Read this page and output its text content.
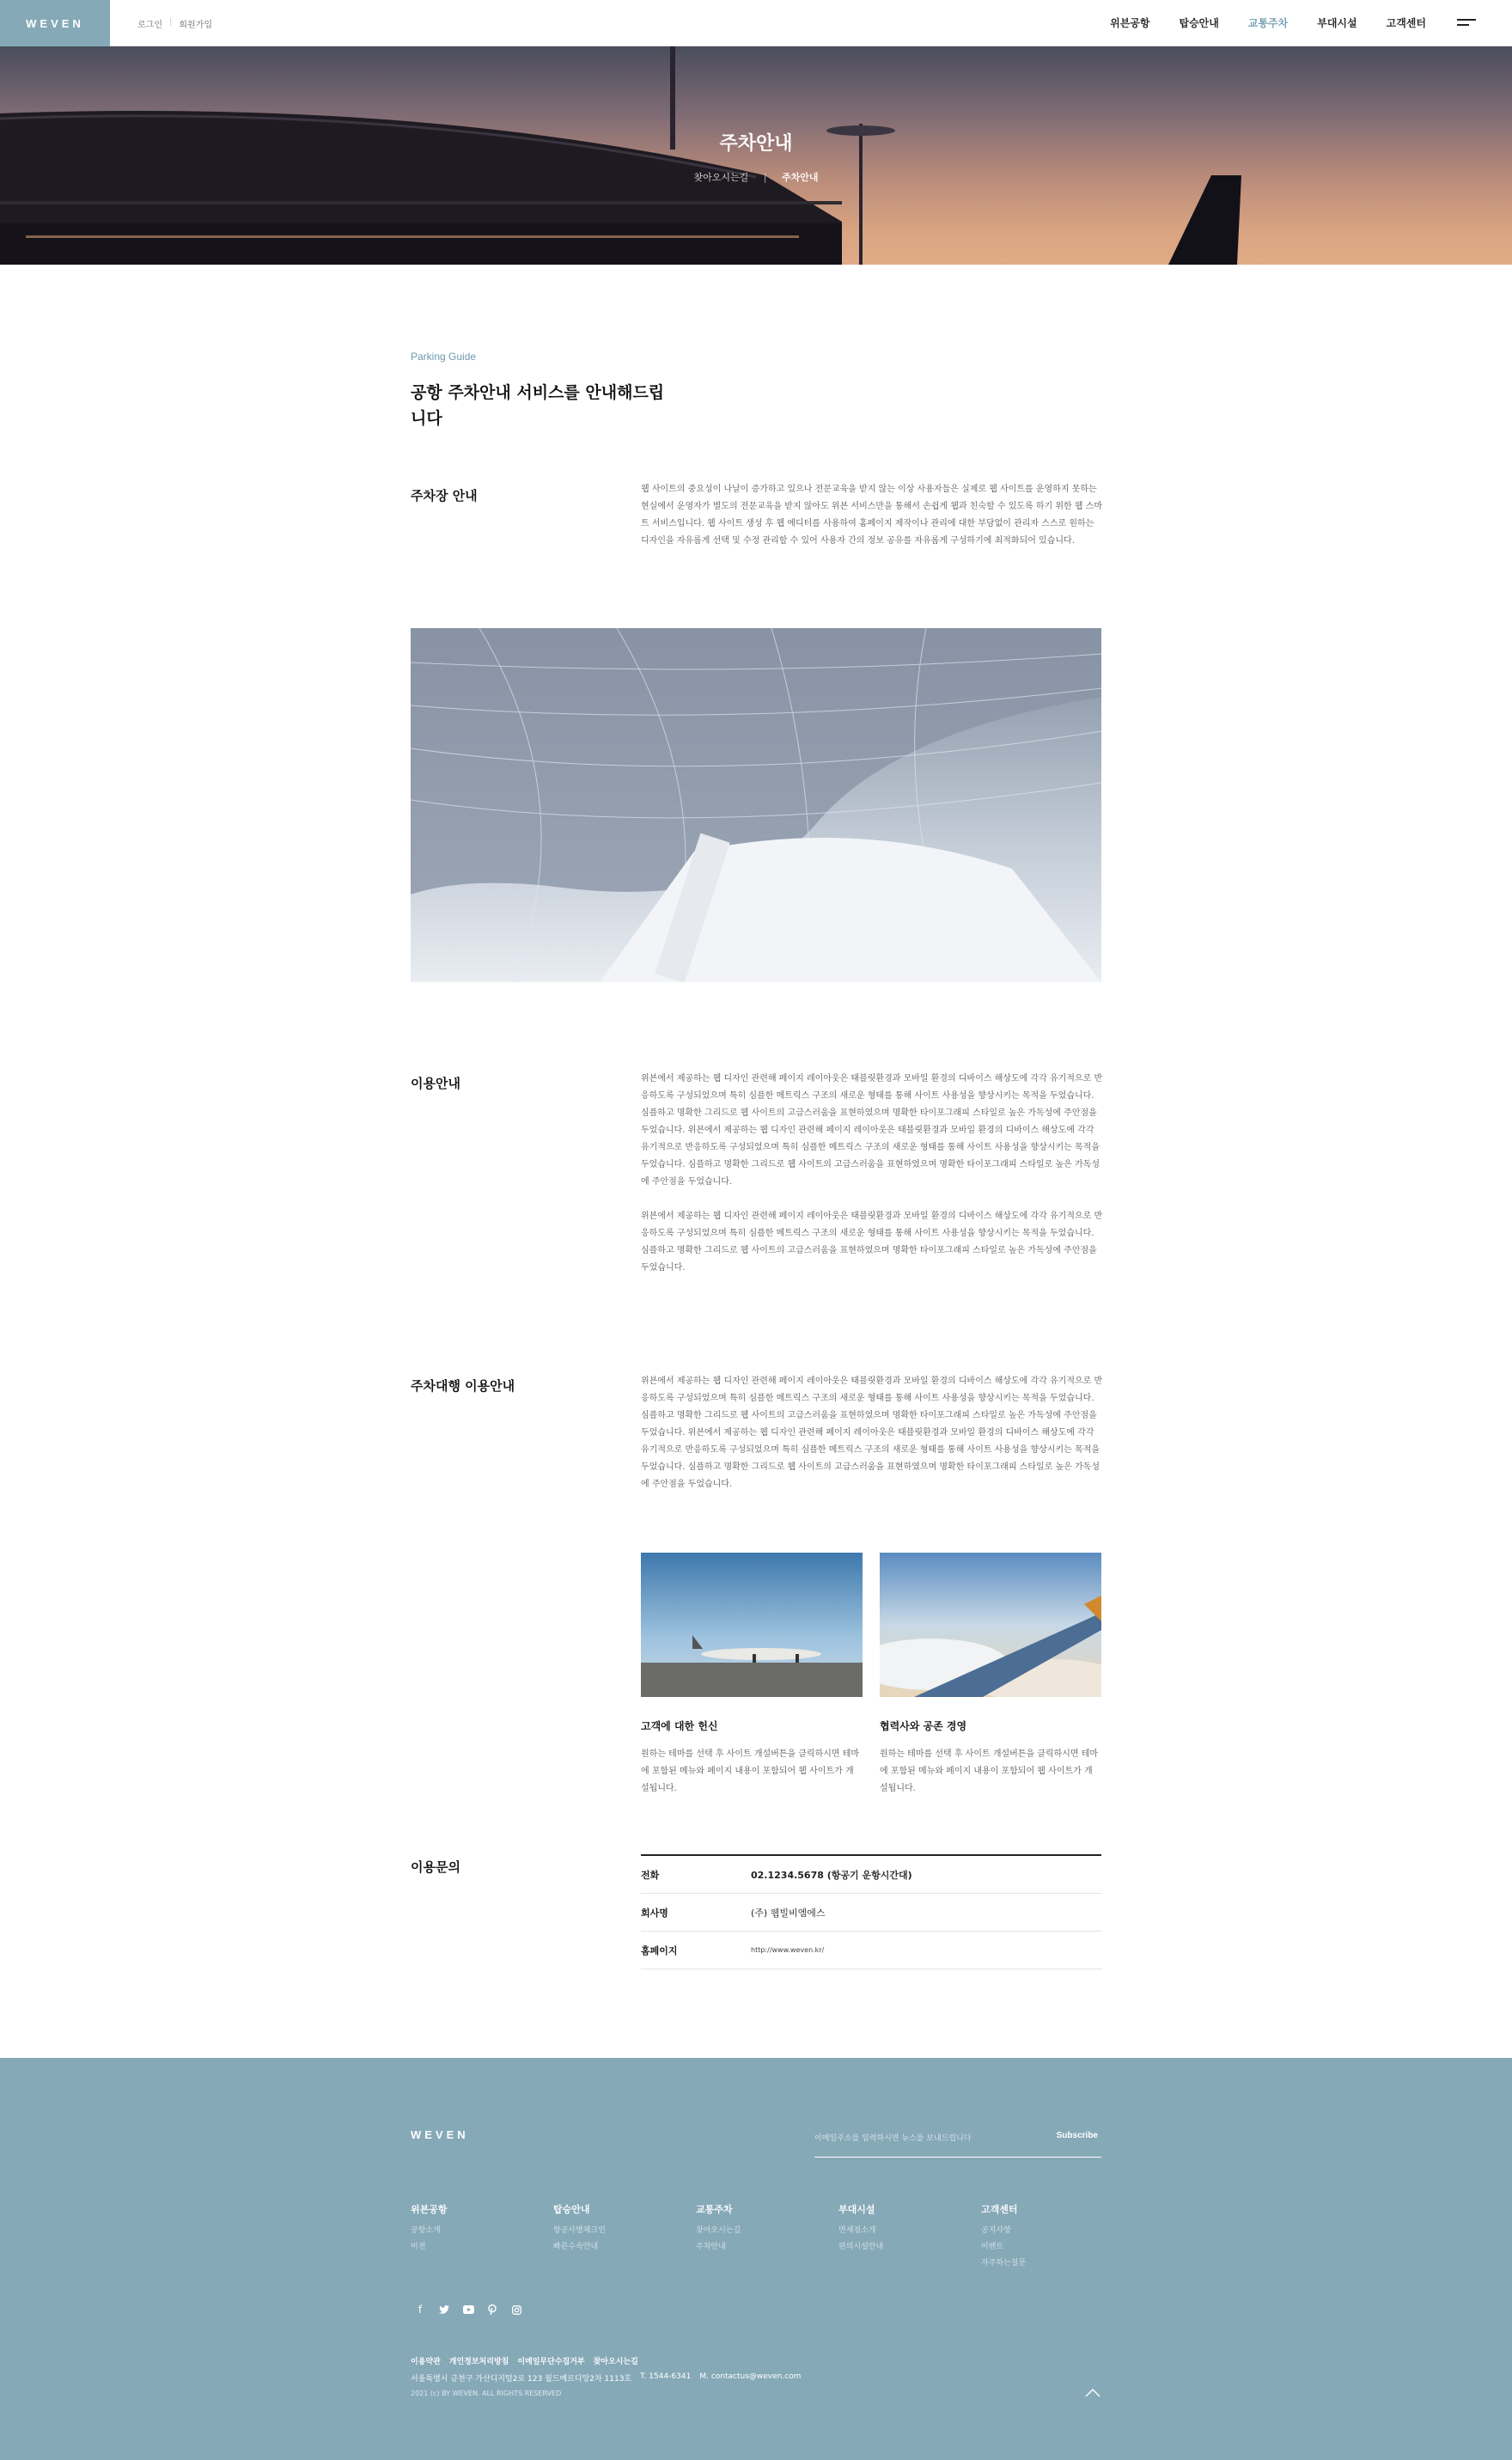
WEVEN	로그인 | 회원가입	위븐공항	탑승안내	교통주차	부대시설	고객센터
주차안내
찾아오시는길 | 주차안내
Parking Guide
공항 주차안내 서비스를 안내해드립니다
주차장 안내	웹 사이트의 중요성이 나날이 증가하고 있으나 전문교육을 받지 않는 이상 사용자들은 실제로 웹 사이트를 운영하지 못하는 현실에서 운영자가 별도의 전문교육을 받지 않아도 위븐 서비스만을 통해서 손쉽게 웹과 친숙할 수 있도록 하기 위한 웹 스마트 서비스입니다. 웹 사이트 생성 후 웹 에디터를 사용하여 홈페이지 제작이나 관리에 대한 부담없이 관리자 스스로 원하는 디자인을 자유롭게 선택 및 수정 관리할 수 있어 사용자 간의 정보 공유를 자유롭게 구성하기에 최적화되어 있습니다.
이용안내	위븐에서 제공하는 웹 디자인 관련해 페이지 레이아웃은 태블릿환경과 모바일 환경의 디바이스 해상도에 각각 유기적으로 반응하도록 구성되었으며 특히 심플한 메트릭스 구조의 새로운 형태를 통해 사이트 사용성을 향상시키는 목적을 두었습니다. 심플하고 명확한 그리드로 웹 사이트의 고급스러움을 표현하였으며 명확한 타이포그래피 스타일로 높은 가독성에 주안점을 두었습니다. 위븐에서 제공하는 웹 디자인 관련해 페이지 레이아웃은 태블릿환경과 모바일 환경의 디바이스 해상도에 각각 유기적으로 반응하도록 구성되었으며 특히 심플한 메트릭스 구조의 새로운 형태를 통해 사이트 사용성을 향상시키는 목적을 두었습니다. 심플하고 명확한 그리드로 웹 사이트의 고급스러움을 표현하였으며 명확한 타이포그래피 스타일로 높은 가독성에 주안점을 두었습니다.
위븐에서 제공하는 웹 디자인 관련해 페이지 레이아웃은 태블릿환경과 모바일 환경의 디바이스 해상도에 각각 유기적으로 반응하도록 구성되었으며 특히 심플한 메트릭스 구조의 새로운 형태를 통해 사이트 사용성을 향상시키는 목적을 두었습니다. 심플하고 명확한 그리드로 웹 사이트의 고급스러움을 표현하였으며 명확한 타이포그래피 스타일로 높은 가독성에 주안점을 두었습니다.
주차대행 이용안내	위븐에서 제공하는 웹 디자인 관련해 페이지 레이아웃은 태블릿환경과 모바일 환경의 디바이스 해상도에 각각 유기적으로 반응하도록 구성되었으며 특히 심플한 메트릭스 구조의 새로운 형태를 통해 사이트 사용성을 향상시키는 목적을 두었습니다. 심플하고 명확한 그리드로 웹 사이트의 고급스러움을 표현하였으며 명확한 타이포그래피 스타일로 높은 가독성에 주안점을 두었습니다. 위븐에서 제공하는 웹 디자인 관련해 페이지 레이아웃은 태블릿환경과 모바일 환경의 디바이스 해상도에 각각 유기적으로 반응하도록 구성되었으며 특히 심플한 메트릭스 구조의 새로운 형태를 통해 사이트 사용성을 향상시키는 목적을 두었습니다. 심플하고 명확한 그리드로 웹 사이트의 고급스러움을 표현하였으며 명확한 타이포그래피 스타일로 높은 가독성에 주안점을 두었습니다.
고객에 대한 헌신
원하는 테마를 선택 후 사이트 개설버튼을 클릭하시면 테마에 포함된 메뉴와 페이지 내용이 포함되어 웹 사이트가 개설됩니다.
협력사와 공존 경영
원하는 테마를 선택 후 사이트 개설버튼을 클릭하시면 테마에 포함된 메뉴와 페이지 내용이 포함되어 웹 사이트가 개설됩니다.
이용문의	전화	02.1234.5678 (항공기 운항시간대)
회사명	(주) 웹빌비엠에스
홈페이지	http://www.weven.kr/
WEVEN	이메일주소를 입력하시면 뉴스를 보내드립니다	Subscribe
위븐공항
공항소개
비전
탑승안내
항공사별체크인
빠른수속안내
교통주차
찾아오시는길
주차안내
부대시설
면세점소개
편의시설안내
고객센터
공지사항
이벤트
자주하는질문
f
이용약관 개인정보처리방침 이메일무단수집거부 찾아오시는길
서울특별시 금천구 가산디지털2로 123 월드메르디앙2차 1113호 T. 1544-6341 M. contactus@weven.com
2021 (c) BY WEVEN. ALL RIGHTS RESERVED
